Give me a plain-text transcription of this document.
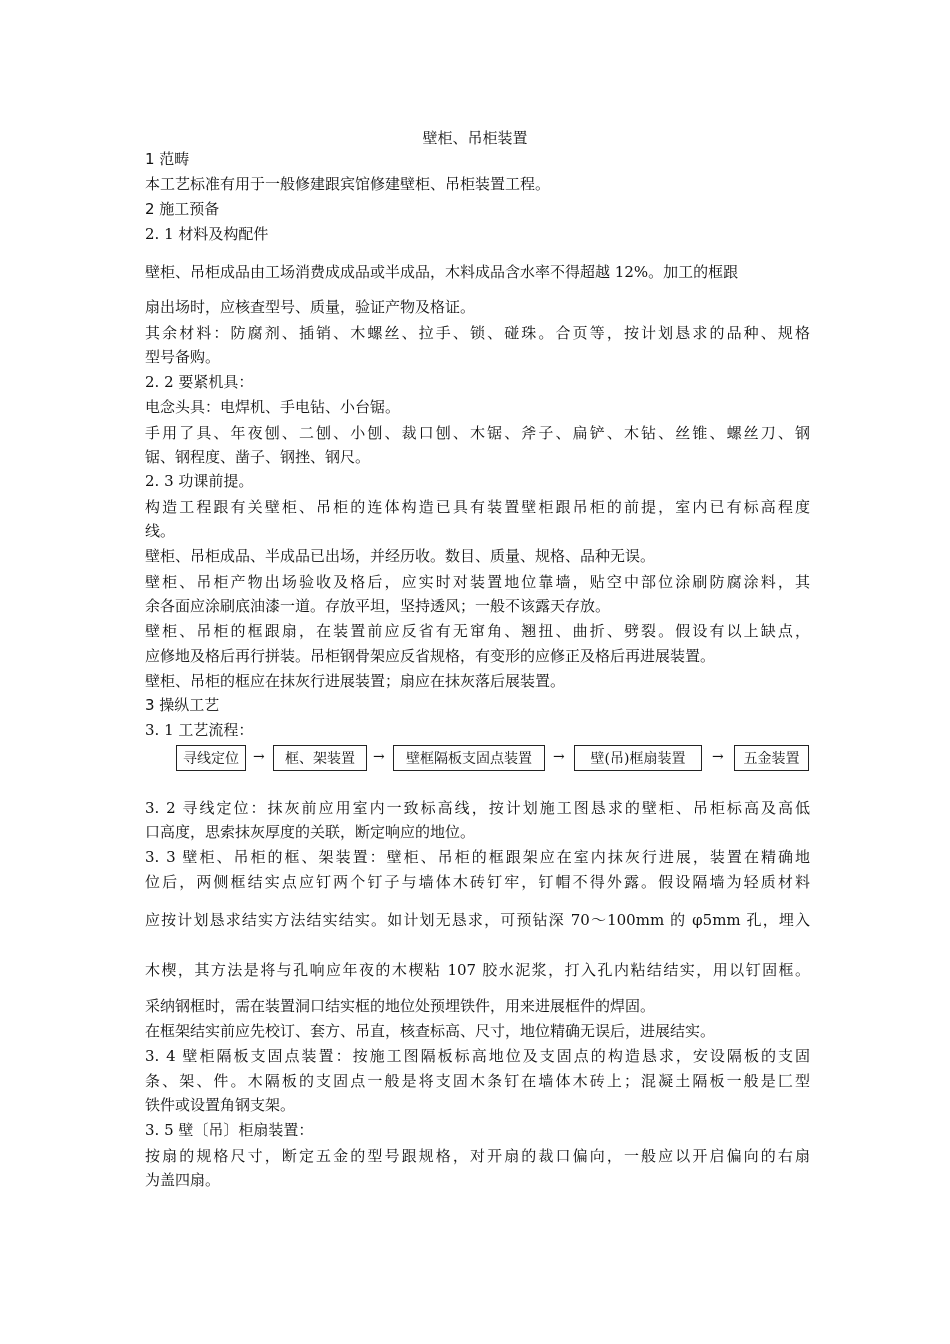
壁柜、吊柜装置
1 范畴
本工艺标准有用于一般修建跟宾馆修建壁柜、吊柜装置工程。
2 施工预备
2. 1 材料及构配件
壁柜、吊柜成品由工场消费成成品或半成品，木料成品含水率不得超越 12%。加工的框跟
扇出场时，应核查型号、质量，验证产物及格证。
其余材料：防腐剂、插销、木螺丝、拉手、锁、碰珠。合页等，按计划恳求的品种、规格
型号备购。
2. 2 要紧机具：
电念头具：电焊机、手电钻、小台锯。
手用了具、年夜刨、二刨、小刨、裁口刨、木锯、斧子、扁铲、木钻、丝锥、螺丝刀、钢
锯、钢程度、凿子、钢挫、钢尺。
2. 3 功课前提。
构造工程跟有关壁柜、吊柜的连体构造已具有装置壁柜跟吊柜的前提，室内已有标高程度
线。
壁柜、吊柜成品、半成品已出场，并经历收。数目、质量、规格、品种无误。
壁柜、吊柜产物出场验收及格后，应实时对装置地位靠墙，贴空中部位涂刷防腐涂料，其
余各面应涂刷底油漆一道。存放平坦，坚持透风；一般不该露天存放。
壁柜、吊柜的框跟扇，在装置前应反省有无窜角、翘扭、曲折、劈裂。假设有以上缺点，
应修地及格后再行拼装。吊柜钢骨架应反省规格，有变形的应修正及格后再进展装置。
壁柜、吊柜的框应在抹灰行进展装置；扇应在抹灰落后展装置。
3 操纵工艺
3. 1 工艺流程：
寻线定位	→	框、架装置	→	壁框隔板支固点装置	→	壁(吊)框扇装置	→	五金装置
3. 2 寻线定位：抹灰前应用室内一致标高线，按计划施工图恳求的壁柜、吊柜标高及高低
口高度，思索抹灰厚度的关联，断定响应的地位。
3. 3 壁柜、吊柜的框、架装置：壁柜、吊柜的框跟架应在室内抹灰行进展，装置在精确地
位后，两侧框结实点应钉两个钉子与墙体木砖钉牢，钉帽不得外露。假设隔墙为轻质材料
应按计划恳求结实方法结实结实。如计划无恳求，可预钻深 70～100mm 的 φ5mm 孔，埋入
木楔，其方法是将与孔响应年夜的木楔粘 107 胶水泥浆，打入孔内粘结结实，用以钉固框。
采纳钢框时，需在装置洞口结实框的地位处预埋铁件，用来进展框件的焊固。
在框架结实前应先校订、套方、吊直，核查标高、尺寸，地位精确无误后，进展结实。
3. 4 壁柜隔板支固点装置：按施工图隔板标高地位及支固点的构造恳求，安设隔板的支固
条、架、件。木隔板的支固点一般是将支固木条钉在墙体木砖上；混凝土隔板一般是匚型
铁件或设置角钢支架。
3. 5 壁〔吊〕柜扇装置：
按扇的规格尺寸，断定五金的型号跟规格，对开扇的裁口偏向，一般应以开启偏向的右扇
为盖四扇。
